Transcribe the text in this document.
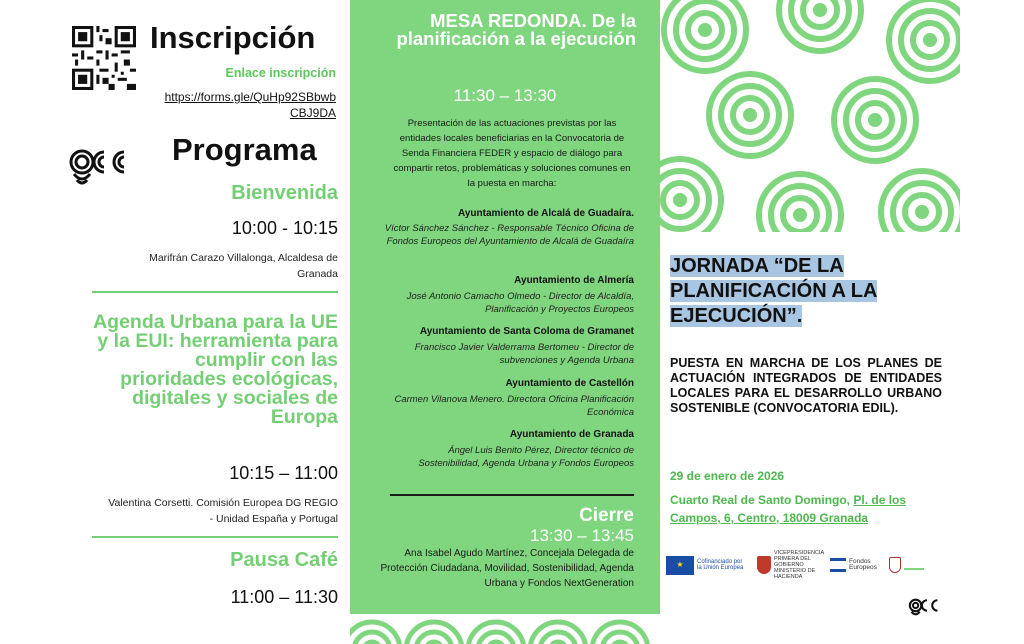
Inscripción
Enlace inscripción
https://forms.gle/QuHp92SBbwb
CBJ9DA
Programa
Bienvenida
10:00 - 10:15
Marifrán Carazo Villalonga, Alcaldesa de Granada
Agenda Urbana para la UE y la EUI: herramienta para cumplir con las prioridades ecológicas, digitales y sociales de Europa
10:15 – 11:00
Valentina Corsetti. Comisión Europea DG REGIO - Unidad España y Portugal
Pausa Café
11:00 – 11:30
MESA REDONDA. De la planificación a la ejecución
11:30 – 13:30
Presentación de las actuaciones previstas por las entidades locales beneficiarias en la Convocatoria de Senda Financiera FEDER y espacio de diálogo para compartir retos, problemáticas y soluciones comunes en la puesta en marcha:
Ayuntamiento de Alcalá de Guadaíra.
Víctor Sánchez Sánchez - Responsable Técnico Oficina de Fondos Europeos del Ayuntamiento de Alcalá de Guadaíra
Ayuntamiento de Almería
José Antonio Camacho Olmedo - Director de Alcaldía, Planificación y Proyectos Europeos
Ayuntamiento de Santa Coloma de Gramanet
Francisco Javier Valderrama Bertomeu - Director de subvenciones y Agenda Urbana
Ayuntamiento de Castellón
Carmen Vilanova Menero. Directora Oficina Planificación Económica
Ayuntamiento de Granada
Ángel Luis Benito Pérez, Director técnico de Sostenibilidad, Agenda Urbana y Fondos Europeos
Cierre
13:30 – 13:45
Ana Isabel Agudo Martínez, Concejala Delegada de Protección Ciudadana, Movilidad, Sostenibilidad, Agenda Urbana y Fondos NextGeneration
JORNADA “DE LA PLANIFICACIÓN A LA EJECUCIÓN”.
PUESTA EN MARCHA DE LOS PLANES DE ACTUACIÓN INTEGRADOS DE ENTIDADES LOCALES PARA EL DESARROLLO URBANO SOSTENIBLE (CONVOCATORIA EDIL).
29 de enero de 2026
Cuarto Real de Santo Domingo, Pl. de los Campos, 6, Centro, 18009 Granada
★	Cofinanciado por la Unión Europea
VICEPRESIDENCIA PRIMERA DEL GOBIERNO
MINISTERIO DE HACIENDA
Fondos Europeos
